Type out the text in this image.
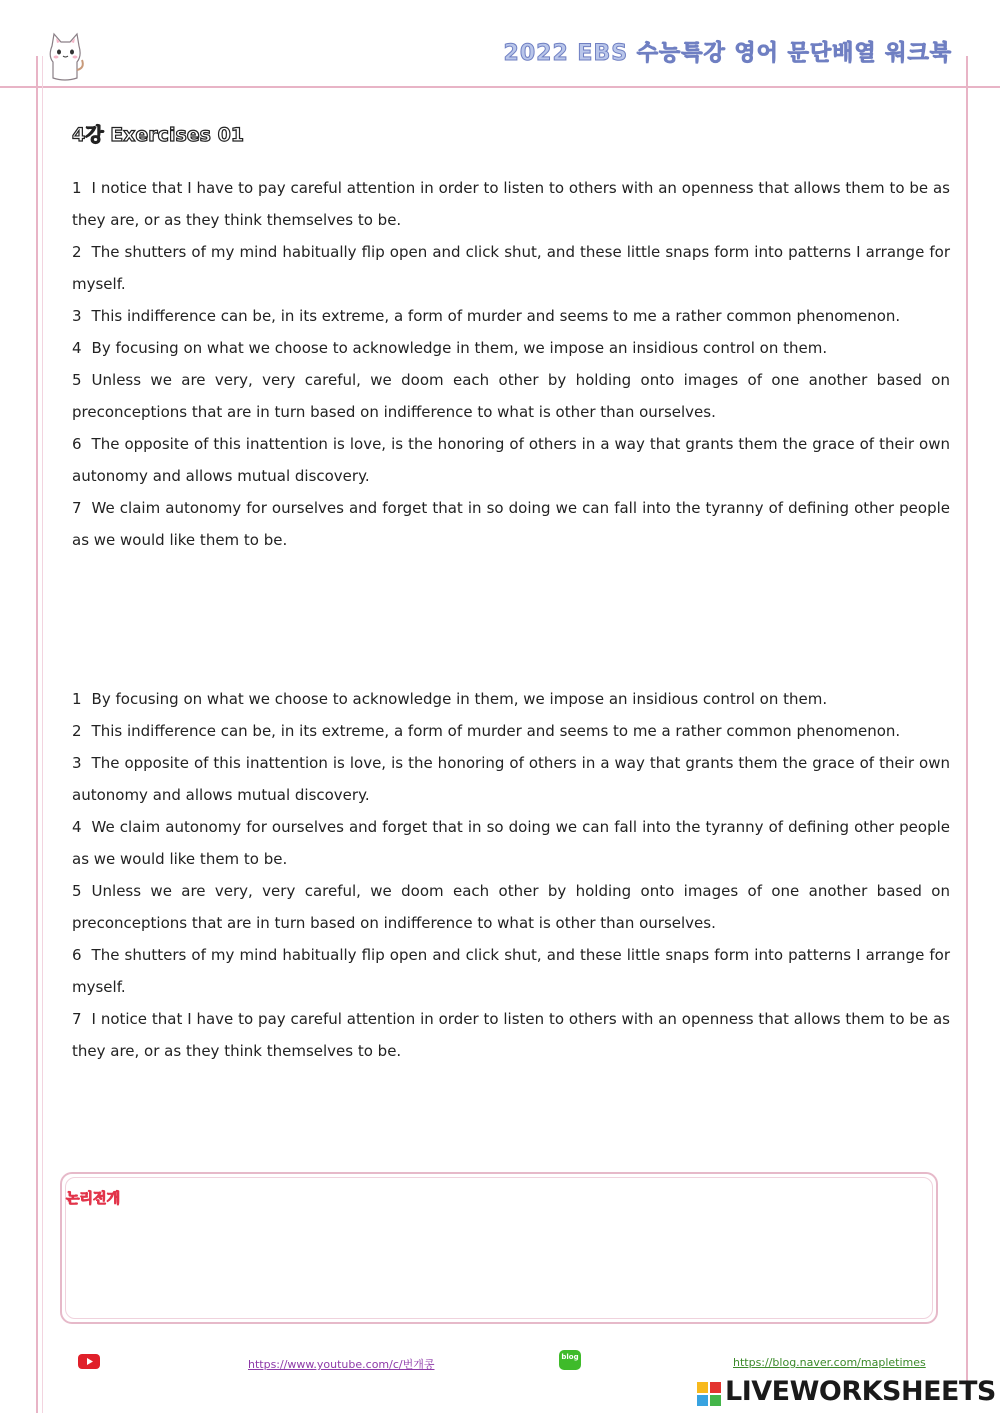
2022 EBS 수능특강 영어 문단배열 워크북
4강 Exercises 01
1 I notice that I have to pay careful attention in order to listen to others with an openness that allows them to be as they are, or as they think themselves to be.
2 The shutters of my mind habitually flip open and click shut, and these little snaps form into patterns I arrange for myself.
3 This indifference can be, in its extreme, a form of murder and seems to me a rather common phenomenon.
4 By focusing on what we choose to acknowledge in them, we impose an insidious control on them.
5 Unless we are very, very careful, we doom each other by holding onto images of one another based on preconceptions that are in turn based on indifference to what is other than ourselves.
6 The opposite of this inattention is love, is the honoring of others in a way that grants them the grace of their own autonomy and allows mutual discovery.
7 We claim autonomy for ourselves and forget that in so doing we can fall into the tyranny of defining other people as we would like them to be.
1 By focusing on what we choose to acknowledge in them, we impose an insidious control on them.
2 This indifference can be, in its extreme, a form of murder and seems to me a rather common phenomenon.
3 The opposite of this inattention is love, is the honoring of others in a way that grants them the grace of their own autonomy and allows mutual discovery.
4 We claim autonomy for ourselves and forget that in so doing we can fall into the tyranny of defining other people as we would like them to be.
5 Unless we are very, very careful, we doom each other by holding onto images of one another based on preconceptions that are in turn based on indifference to what is other than ourselves.
6 The shutters of my mind habitually flip open and click shut, and these little snaps form into patterns I arrange for myself.
7 I notice that I have to pay careful attention in order to listen to others with an openness that allows them to be as they are, or as they think themselves to be.
논리전개
https://www.youtube.com/c/번개콩
blog	https://blog.naver.com/mapletimes
LIVEWORKSHEETS
